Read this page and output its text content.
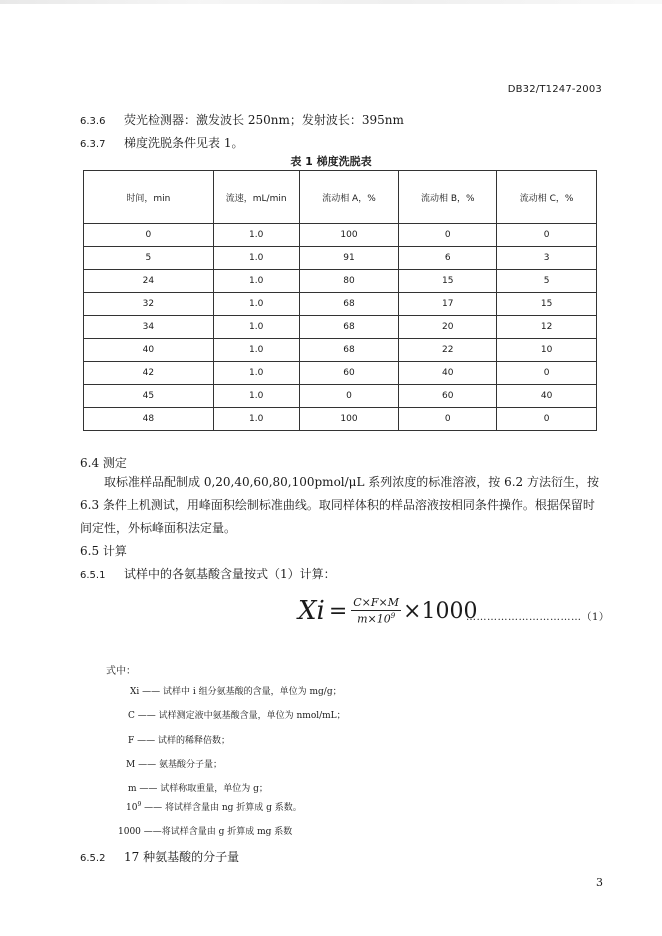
DB32/T1247-2003
6.3.6 荧光检测器：激发波长 250nm；发射波长：395nm
6.3.7 梯度洗脱条件见表 1。
表 1 梯度洗脱表
时间，min	流速，mL/min	流动相 A，%	流动相 B，%	流动相 C，%
0	1.0	100	0	0
5	1.0	91	6	3
24	1.0	80	15	5
32	1.0	68	17	15
34	1.0	68	20	12
40	1.0	68	22	10
42	1.0	60	40	0
45	1.0	0	60	40
48	1.0	100	0	0
6.4 测定
取标准样品配制成 0,20,40,60,80,100pmol/μL 系列浓度的标准溶液，按 6.2 方法衍生，按 6.3 条件上机测试，用峰面积绘制标准曲线。取同样体积的样品溶液按相同条件操作。根据保留时间定性，外标峰面积法定量。
6.5 计算
6.5.1 试样中的各氨基酸含量按式（1）计算：
$Xi = \frac{C\times F\times M}{m\times 10^9} \times 1000$
……………………………（1）
式中：
Xi —— 试样中 i 组分氨基酸的含量，单位为 mg/g；
C —— 试样测定液中氨基酸含量，单位为 nmol/mL；
F —— 试样的稀释倍数；
M —— 氨基酸分子量；
m —— 试样称取重量，单位为 g；
$10^9$ —— 将试样含量由 ng 折算成 g 系数。
1000 ——将试样含量由 g 折算成 mg 系数
6.5.2 17 种氨基酸的分子量
3
